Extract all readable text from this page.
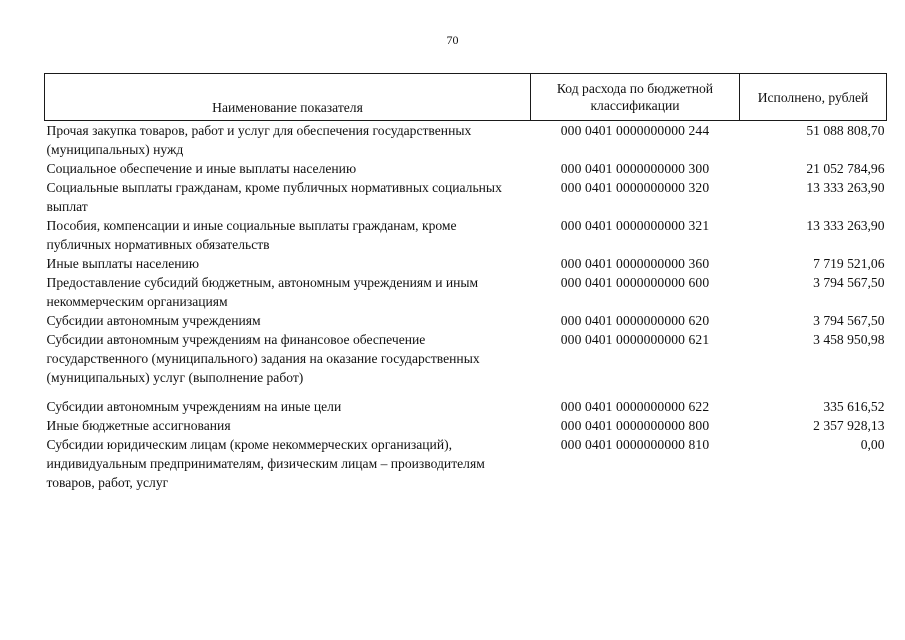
70
Наименование показателя	Код расхода по бюджетной классификации	Исполнено, рублей
Прочая закупка товаров, работ и услуг для обеспечения государственных (муниципальных) нужд	000 0401 0000000000 244	51 088 808,70
Социальное обеспечение и иные выплаты населению	000 0401 0000000000 300	21 052 784,96
Социальные выплаты гражданам, кроме публичных нормативных социальных выплат	000 0401 0000000000 320	13 333 263,90
Пособия, компенсации и иные социальные выплаты гражданам, кроме публичных нормативных обязательств	000 0401 0000000000 321	13 333 263,90
Иные выплаты населению	000 0401 0000000000 360	7 719 521,06
Предоставление субсидий бюджетным, автономным учреждениям и иным некоммерческим организациям	000 0401 0000000000 600	3 794 567,50
Субсидии автономным учреждениям	000 0401 0000000000 620	3 794 567,50
Субсидии автономным учреждениям на финансовое обеспечение государственного (муниципального) задания на оказание государственных (муниципальных) услуг (выполнение работ)	000 0401 0000000000 621	3 458 950,98
Субсидии автономным учреждениям на иные цели	000 0401 0000000000 622	335 616,52
Иные бюджетные ассигнования	000 0401 0000000000 800	2 357 928,13
Субсидии юридическим лицам (кроме некоммерческих организаций), индивидуальным предпринимателям, физическим лицам – производителям товаров, работ, услуг	000 0401 0000000000 810	0,00
